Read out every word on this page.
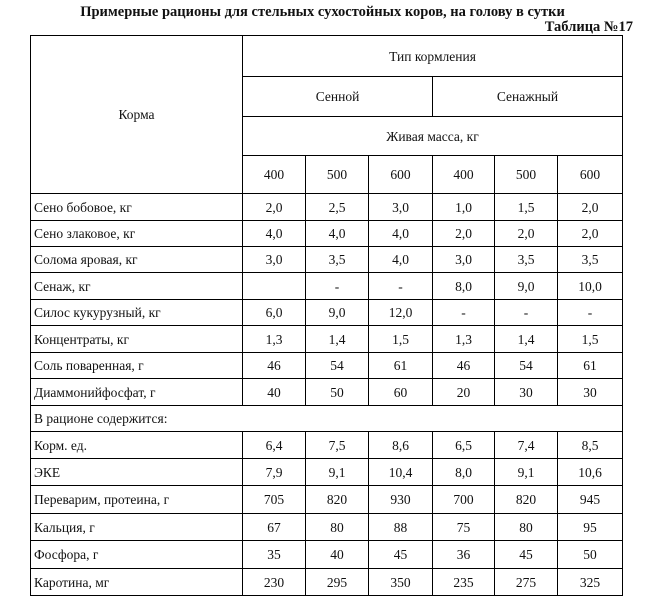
Примерные рационы для стельных сухостойных коров, на голову в сутки
Таблица №17
Корма	Тип кормления					
	Сенной			Сенажный		
	Живая масса, кг					
	400	500	600	400	500	600
Сено бобовое, кг	2,0	2,5	3,0	1,0	1,5	2,0
Сено злаковое, кг	4,0	4,0	4,0	2,0	2,0	2,0
Солома яровая, кг	3,0	3,5	4,0	3,0	3,5	3,5
Сенаж, кг		-	-	8,0	9,0	10,0
Силос кукурузный, кг	6,0	9,0	12,0	-	-	-
Концентраты, кг	1,3	1,4	1,5	1,3	1,4	1,5
Соль поваренная, г	46	54	61	46	54	61
Диаммонийфосфат, г	40	50	60	20	30	30
В рационе содержится:						
Корм. ед.	6,4	7,5	8,6	6,5	7,4	8,5
ЭКЕ	7,9	9,1	10,4	8,0	9,1	10,6
Переварим, протеина, г	705	820	930	700	820	945
Кальция, г	67	80	88	75	80	95
Фосфора, г	35	40	45	36	45	50
Каротина, мг	230	295	350	235	275	325
